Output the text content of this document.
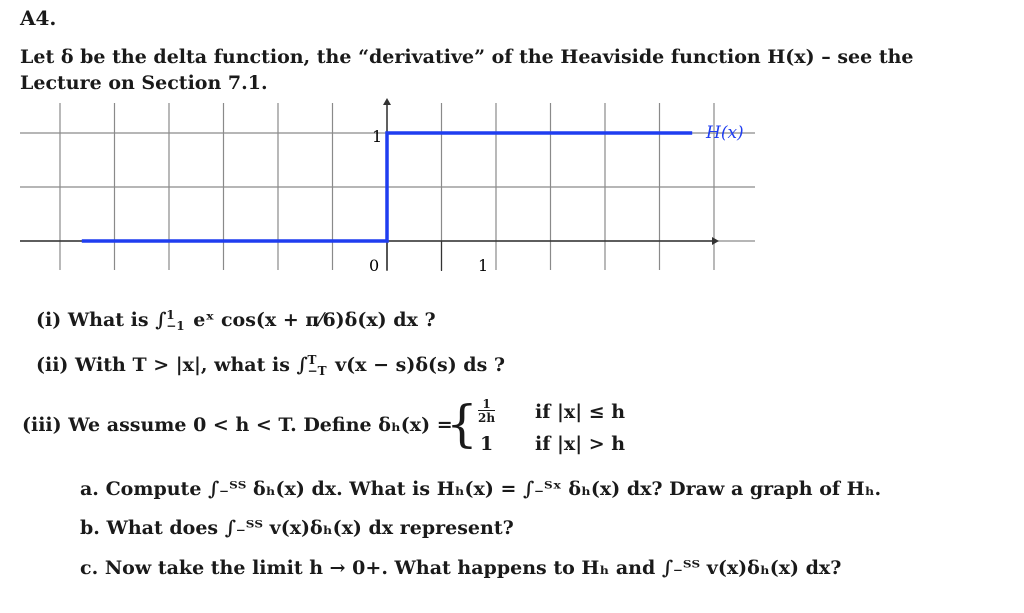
A4.
Let δ be the delta function, the “derivative” of the Heaviside function H(x) – see the
Lecture on Section 7.1.
H(x)
1
0	1
(i) What is ∫ 1
−1 eˣ cos(x + π⁄6)δ(x) dx ?
(ii) With T > |x|, what is ∫ T
−T v(x − s)δ(s) ds ?
(iii) We assume 0 < h < T. Define δₕ(x) =
{ $\frac{1}{2h}$ if |x| ≤ h
1 if |x| > h
a. Compute ∫₋ᵀᵀ δₕ(x) dx. What is Hₕ(x) = ∫₋ᵀˣ δₕ(x) dx? Draw a graph of Hₕ.
b. What does ∫₋ᵀᵀ v(x)δₕ(x) dx represent?
c. Now take the limit h → 0+. What happens to Hₕ and ∫₋ᵀᵀ v(x)δₕ(x) dx?
